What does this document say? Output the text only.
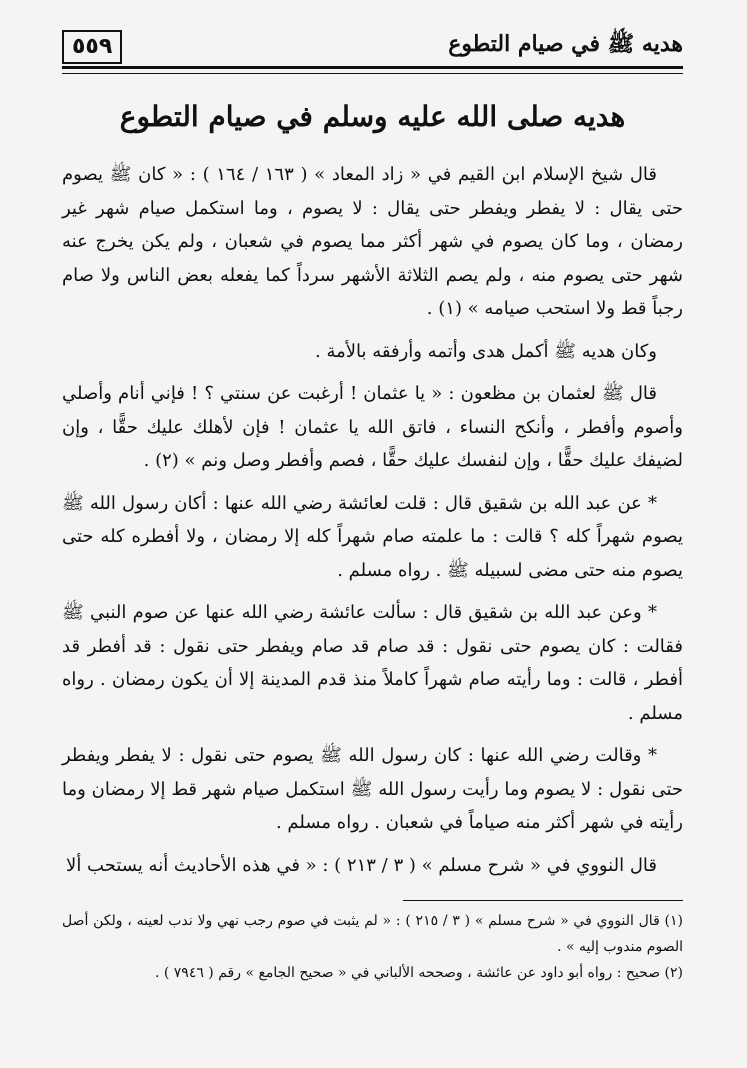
٥٥٩	هديه ﷺ في صيام التطوع
هديه صلى الله عليه وسلم في صيام التطوع

قال شيخ الإسلام ابن القيم في « زاد المعاد » ( ١٦٣ / ١٦٤ ) : « كان ﷺ يصوم حتى يقال : لا يفطر ويفطر حتى يقال : لا يصوم ، وما استكمل صيام شهر غير رمضان ، وما كان يصوم في شهر أكثر مما يصوم في شعبان ، ولم يكن يخرج عنه شهر حتى يصوم منه ، ولم يصم الثلاثة الأشهر سرداً كما يفعله بعض الناس ولا صام رجباً قط ولا استحب صيامه » (١) .

وكان هديه ﷺ أكمل هدى وأتمه وأرفقه بالأمة .

قال ﷺ لعثمان بن مظعون : « يا عثمان ! أرغبت عن سنتي ؟ ! فإني أنام وأصلي وأصوم وأفطر ، وأنكح النساء ، فاتق الله يا عثمان ! فإن لأهلك عليك حقًّا ، وإن لضيفك عليك حقًّا ، وإن لنفسك عليك حقًّا ، فصم وأفطر وصل ونم » (٢) .

* عن عبد الله بن شقيق قال : قلت لعائشة رضي الله عنها : أكان رسول الله ﷺ يصوم شهراً كله ؟ قالت : ما علمته صام شهراً كله إلا رمضان ، ولا أفطره كله حتى يصوم منه حتى مضى لسبيله ﷺ . رواه مسلم .

* وعن عبد الله بن شقيق قال : سألت عائشة رضي الله عنها عن صوم النبي ﷺ فقالت : كان يصوم حتى نقول : قد صام قد صام ويفطر حتى نقول : قد أفطر قد أفطر ، قالت : وما رأيته صام شهراً كاملاً منذ قدم المدينة إلا أن يكون رمضان . رواه مسلم .

* وقالت رضي الله عنها : كان رسول الله ﷺ يصوم حتى نقول : لا يفطر ويفطر حتى نقول : لا يصوم وما رأيت رسول الله ﷺ استكمل صيام شهر قط إلا رمضان وما رأيته في شهر أكثر منه صياماً في شعبان . رواه مسلم .

قال النووي في « شرح مسلم » ( ٣ / ٢١٣ ) : « في هذه الأحاديث أنه يستحب ألا

(١) قال النووي في « شرح مسلم » ( ٣ / ٢١٥ ) : « لم يثبت في صوم رجب نهي ولا ندب لعينه ، ولكن أصل الصوم مندوب إليه » .

(٢) صحيح : رواه أبو داود عن عائشة ، وصححه الألباني في « صحيح الجامع » رقم ( ٧٩٤٦ ) .
